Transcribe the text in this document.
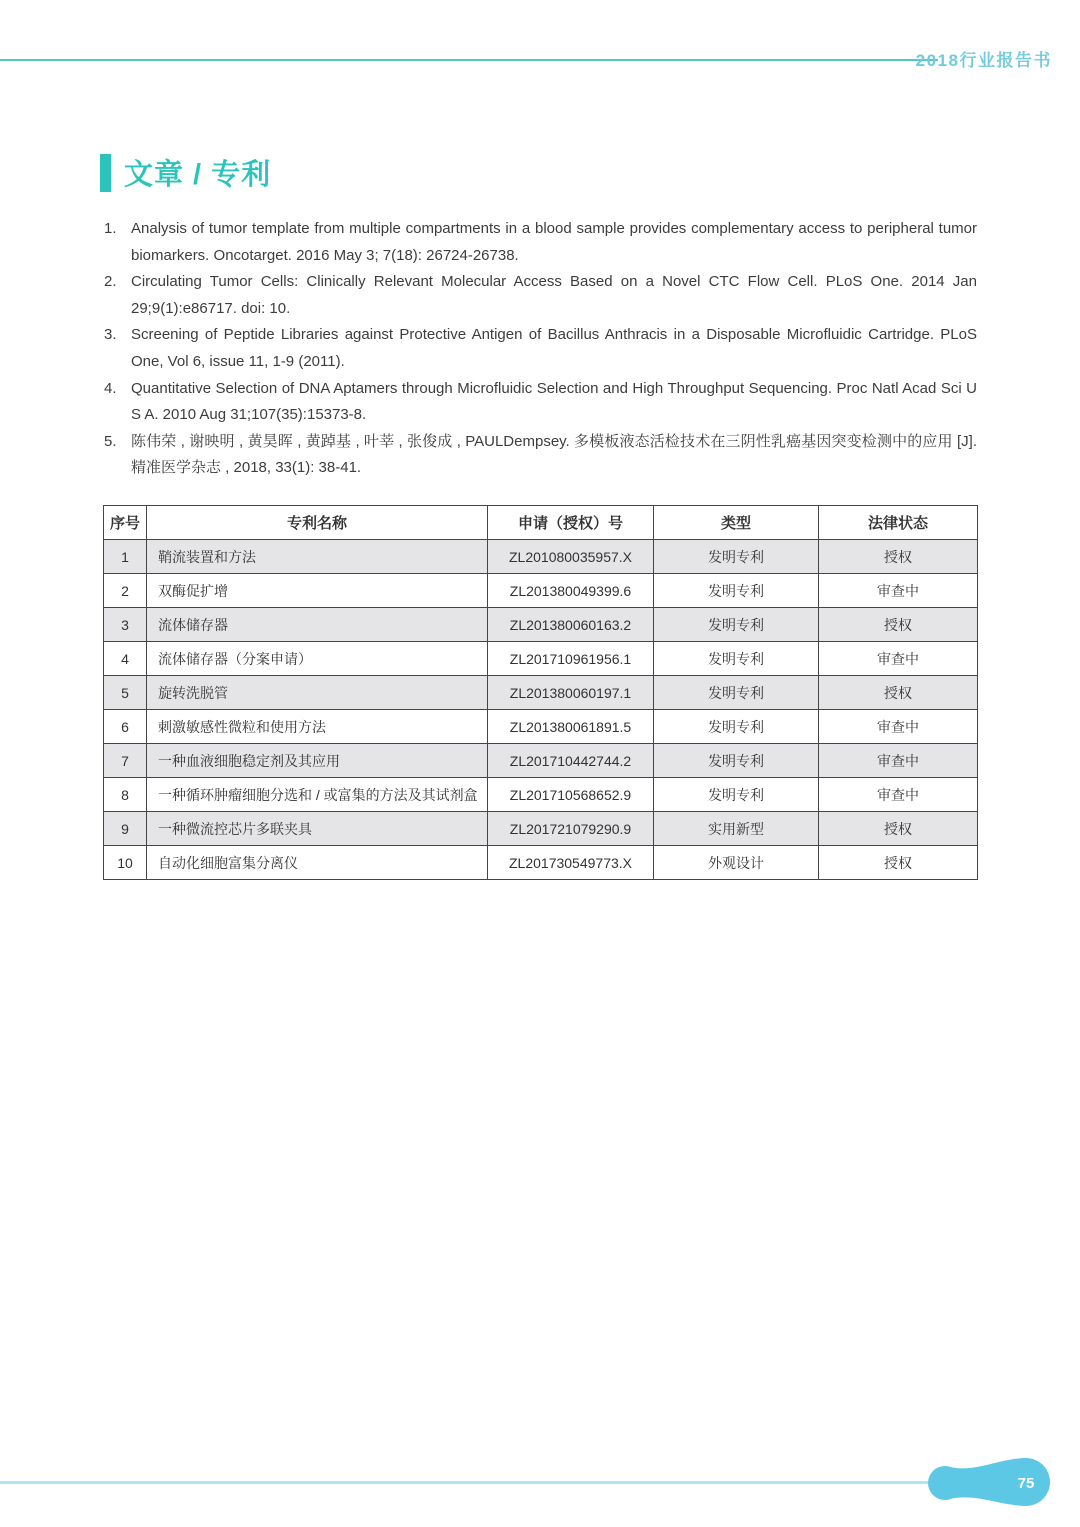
2018行业报告书
文章 / 专利
1. Analysis of tumor template from multiple compartments in a blood sample provides complementary access to peripheral tumor biomarkers. Oncotarget. 2016 May 3; 7(18): 26724-26738.
2. Circulating Tumor Cells: Clinically Relevant Molecular Access Based on a Novel CTC Flow Cell. PLoS One. 2014 Jan 29;9(1):e86717. doi: 10.
3. Screening of Peptide Libraries against Protective Antigen of Bacillus Anthracis in a Disposable Microfluidic Cartridge. PLoS One, Vol 6, issue 11, 1-9 (2011).
4. Quantitative Selection of DNA Aptamers through Microfluidic Selection and High Throughput Sequencing. Proc Natl Acad Sci U S A. 2010 Aug 31;107(35):15373-8.
5. 陈伟荣 , 谢映明 , 黄昊晖 , 黄踔基 , 叶莘 , 张俊成 , PAULDempsey. 多模板液态活检技术在三阴性乳癌基因突变检测中的应用 [J]. 精准医学杂志 , 2018, 33(1): 38-41.
序号	专利名称	申请（授权）号	类型	法律状态
1	鞘流装置和方法	ZL201080035957.X	发明专利	授权
2	双酶促扩增	ZL201380049399.6	发明专利	审查中
3	流体储存器	ZL201380060163.2	发明专利	授权
4	流体储存器（分案申请）	ZL201710961956.1	发明专利	审查中
5	旋转洗脱管	ZL201380060197.1	发明专利	授权
6	刺激敏感性微粒和使用方法	ZL201380061891.5	发明专利	审查中
7	一种血液细胞稳定剂及其应用	ZL201710442744.2	发明专利	审查中
8	一种循环肿瘤细胞分选和 / 或富集的方法及其试剂盒	ZL201710568652.9	发明专利	审查中
9	一种微流控芯片多联夹具	ZL201721079290.9	实用新型	授权
10	自动化细胞富集分离仪	ZL201730549773.X	外观设计	授权
75
